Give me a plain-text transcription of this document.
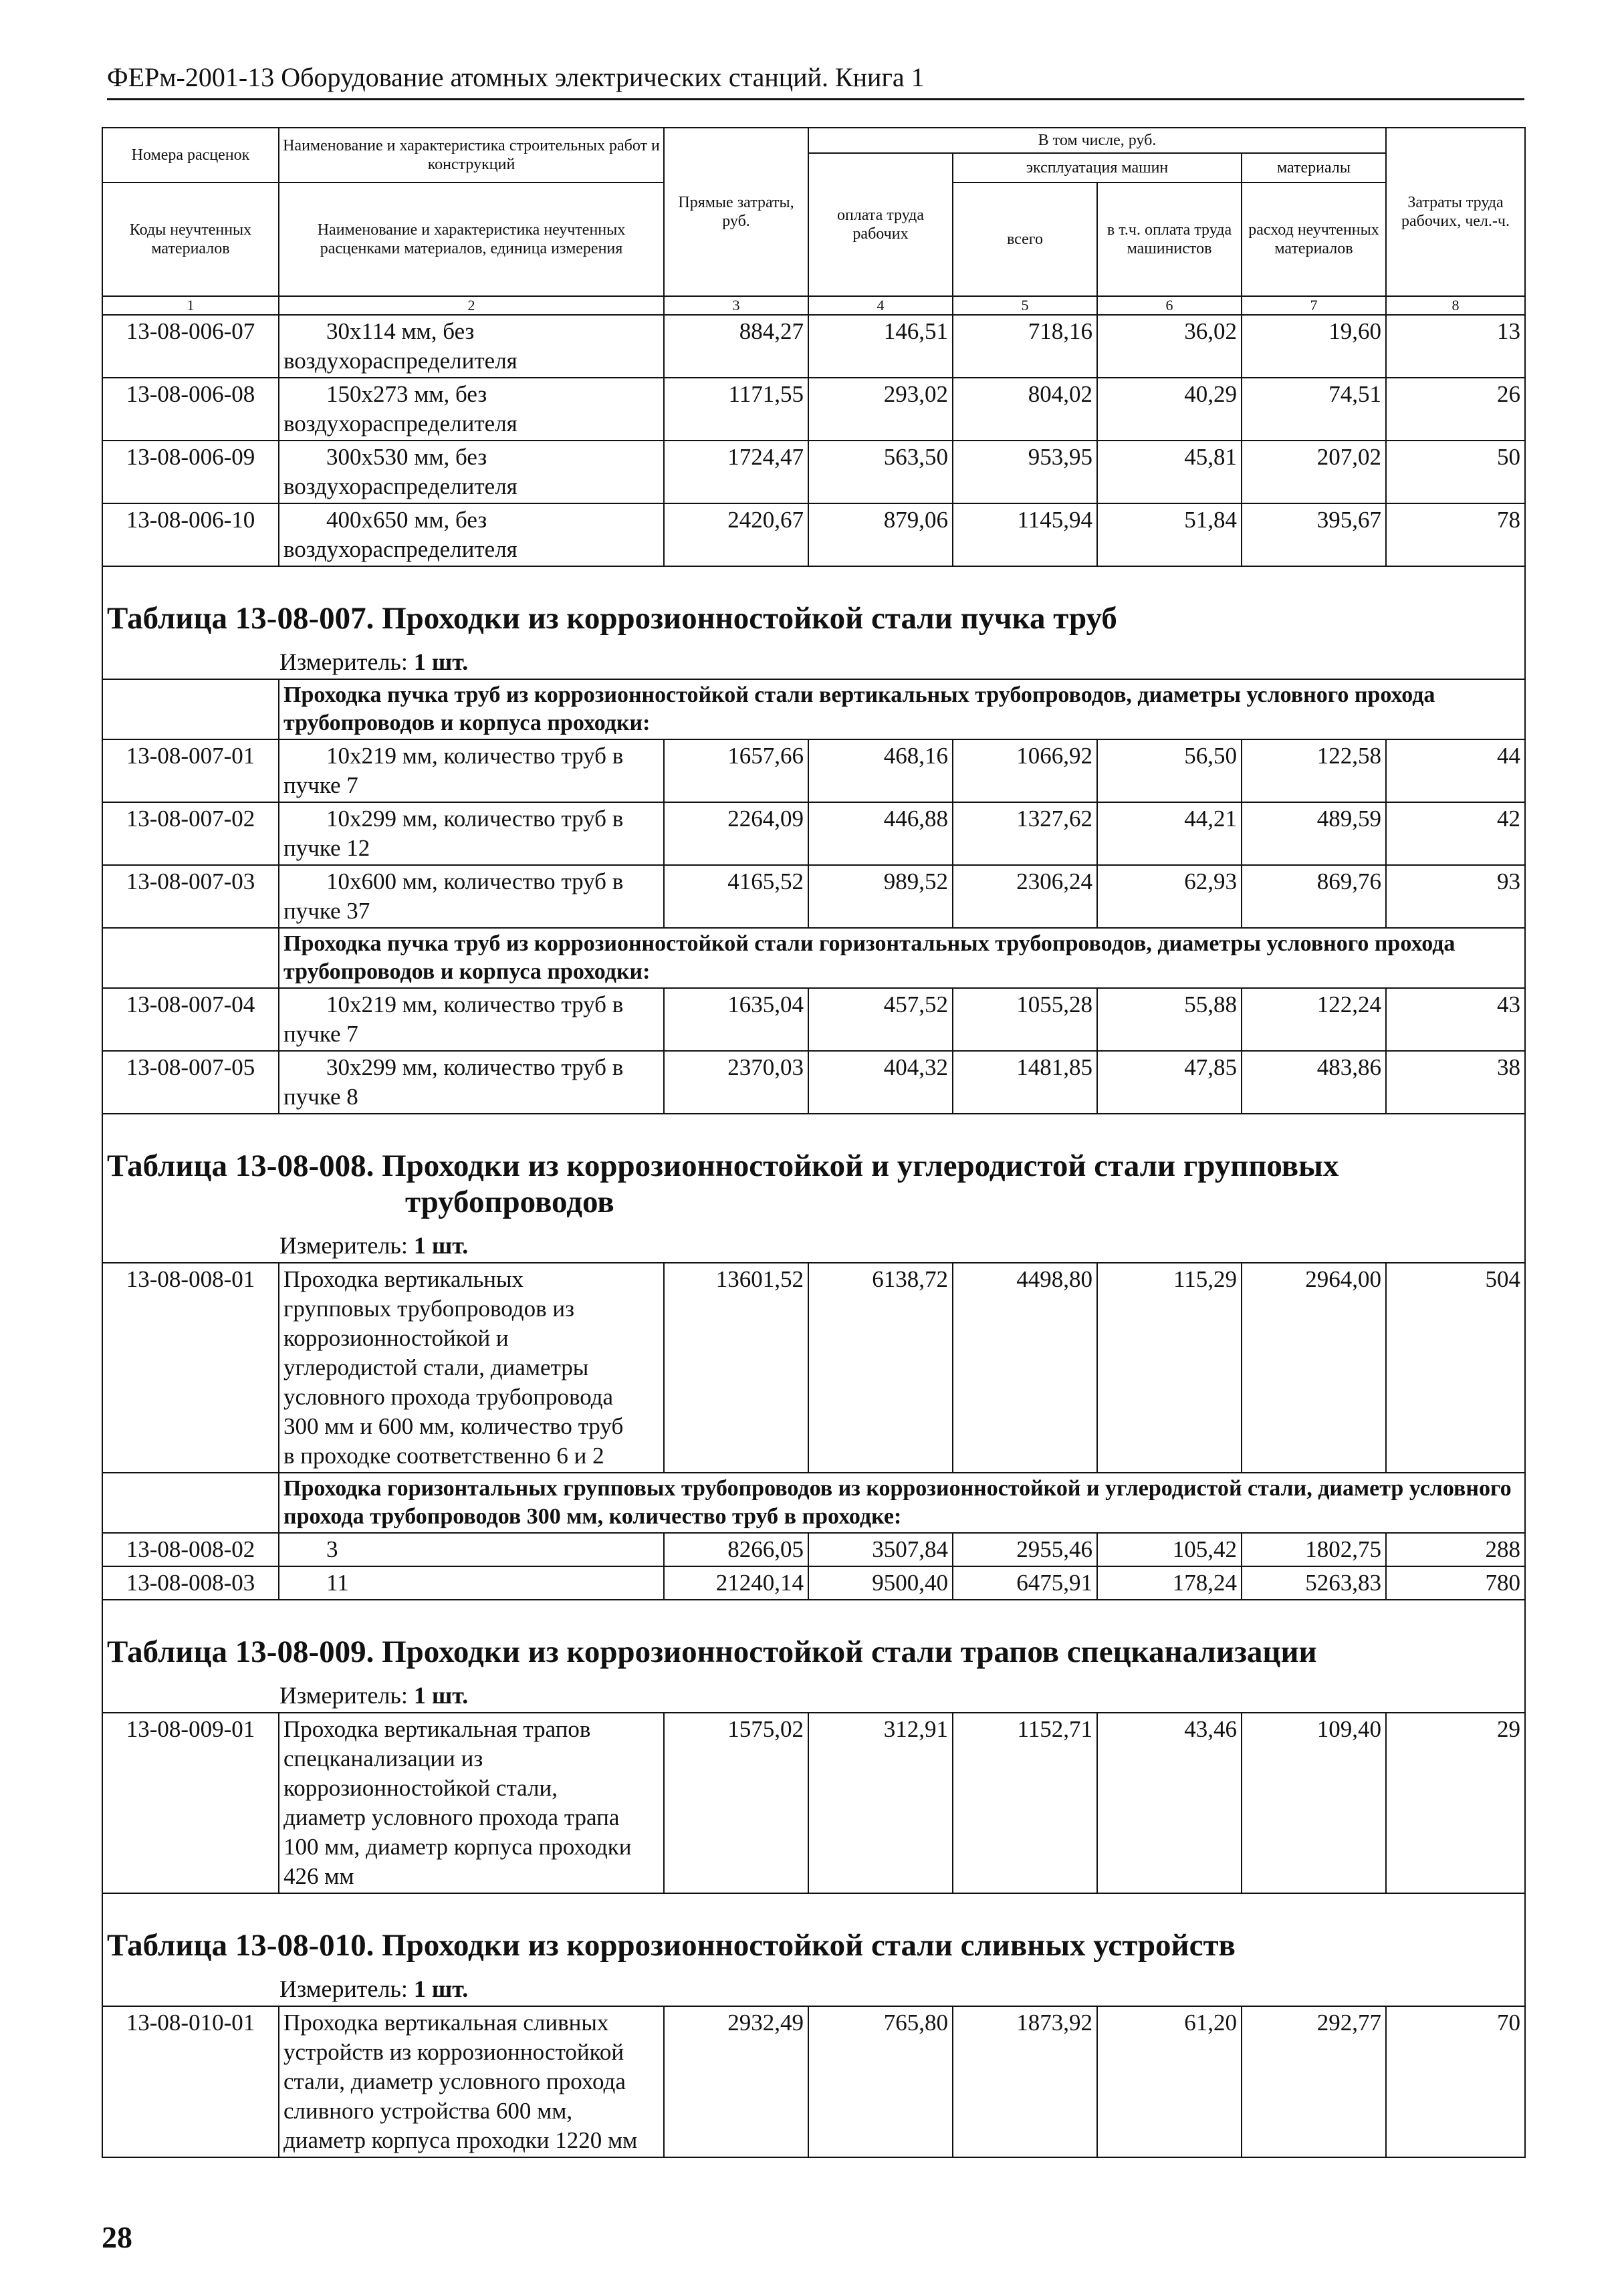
ФЕРм-2001-13 Оборудование атомных электрических станций. Книга 1
Номера расценок	Наименование и характеристика строительных работ и конструкций	Прямые затраты, руб.	В том числе, руб.				Затраты труда рабочих, чел.-ч.
			оплата труда рабочих	эксплуатация машин		материалы	
Коды неучтенных материалов	Наименование и характеристика неучтенных расценками материалов, единица измерения			всего	в т.ч. оплата труда машинистов	расход неучтенных материалов	

1	2	3	4	5	6	7	8
13-08-006-07	30x114 мм, без воздухораспределителя	884,27	146,51	718,16	36,02	19,60	13
13-08-006-08	150x273 мм, без воздухораспределителя	1171,55	293,02	804,02	40,29	74,51	26
13-08-006-09	300x530 мм, без воздухораспределителя	1724,47	563,50	953,95	45,81	207,02	50
13-08-006-10	400x650 мм, без воздухораспределителя	2420,67	879,06	1145,94	51,84	395,67	78

Таблица 13-08-007. Проходки из коррозионностойкой стали пучка труб							
Измеритель: 1 шт.							
	Проходка пучка труб из коррозионностойкой стали вертикальных трубопроводов, диаметры условного прохода трубопроводов и корпуса проходки:						
13-08-007-01	10x219 мм, количество труб в пучке 7	1657,66	468,16	1066,92	56,50	122,58	44
13-08-007-02	10x299 мм, количество труб в пучке 12	2264,09	446,88	1327,62	44,21	489,59	42
13-08-007-03	10x600 мм, количество труб в пучке 37	4165,52	989,52	2306,24	62,93	869,76	93
	Проходка пучка труб из коррозионностойкой стали горизонтальных трубопроводов, диаметры условного прохода трубопроводов и корпуса проходки:						
13-08-007-04	10x219 мм, количество труб в пучке 7	1635,04	457,52	1055,28	55,88	122,24	43
13-08-007-05	30x299 мм, количество труб в пучке 8	2370,03	404,32	1481,85	47,85	483,86	38

Таблица 13-08-008. Проходки из коррозионностойкой и углеродистой стали групповых
трубопроводов							

Измеритель: 1 шт.							
13-08-008-01	Проходка вертикальных групповых трубопроводов из коррозионностойкой и углеродистой стали, диаметры условного прохода трубопровода 300 мм и 600 мм, количество труб в проходке соответственно 6 и 2	13601,52	6138,72	4498,80	115,29	2964,00	504
	Проходка горизонтальных групповых трубопроводов из коррозионностойкой и углеродистой стали, диаметр условного прохода трубопроводов 300 мм, количество труб в проходке:						
13-08-008-02	3	8266,05	3507,84	2955,46	105,42	1802,75	288
13-08-008-03	11	21240,14	9500,40	6475,91	178,24	5263,83	780

Таблица 13-08-009. Проходки из коррозионностойкой стали трапов спецканализации							
Измеритель: 1 шт.							
13-08-009-01	Проходка вертикальная трапов спецканализации из коррозионностойкой стали, диаметр условного прохода трапа 100 мм, диаметр корпуса проходки 426 мм	1575,02	312,91	1152,71	43,46	109,40	29

Таблица 13-08-010. Проходки из коррозионностойкой стали сливных устройств							
Измеритель: 1 шт.							
13-08-010-01	Проходка вертикальная сливных устройств из коррозионностойкой стали, диаметр условного прохода сливного устройства 600 мм, диаметр корпуса проходки 1220 мм	2932,49	765,80	1873,92	61,20	292,77	70
28
